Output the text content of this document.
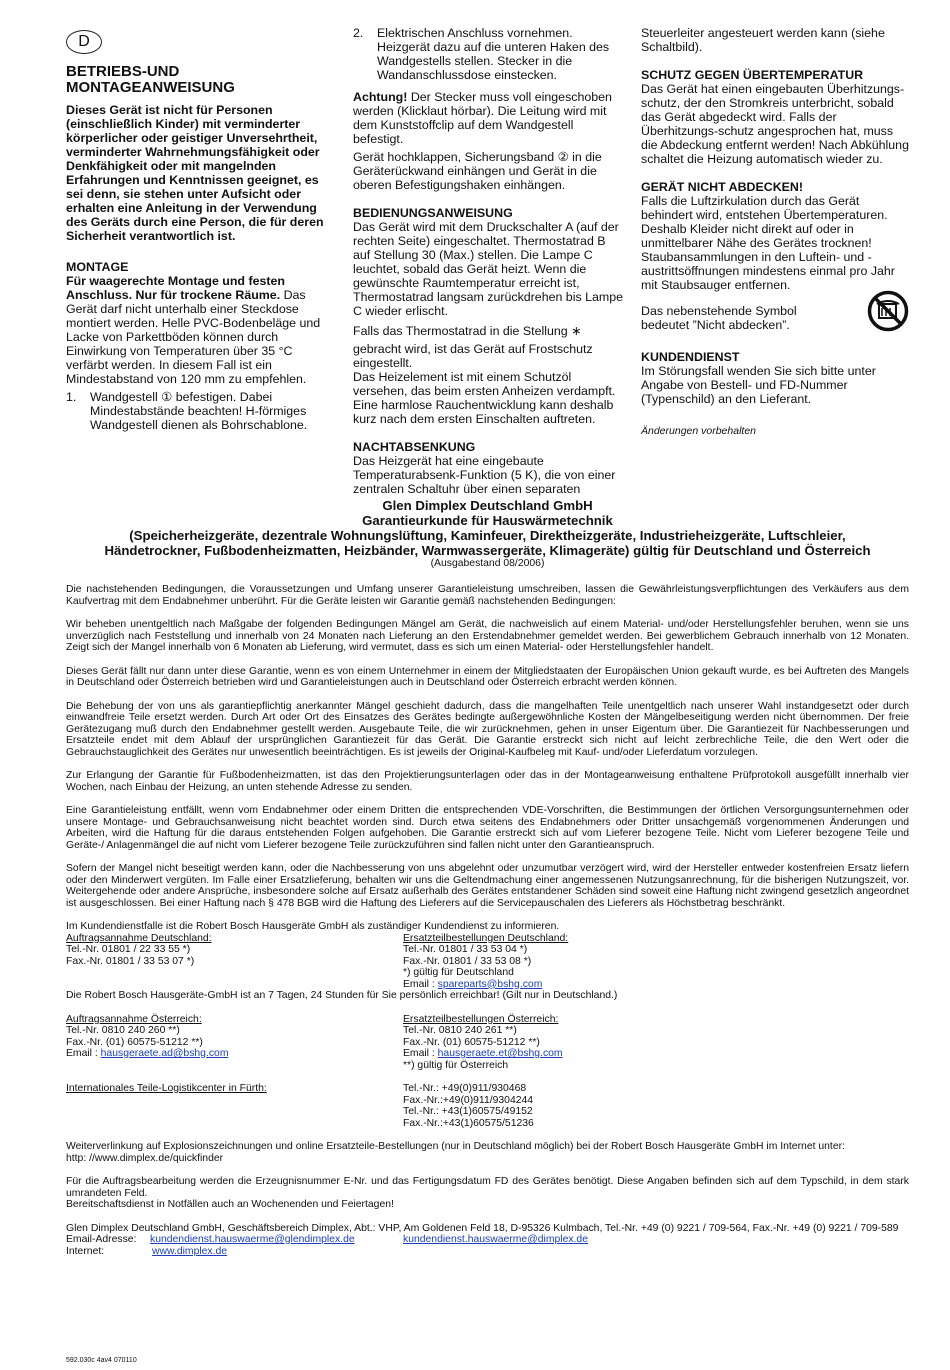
D
BETRIEBS-UND
MONTAGEANWEISUNG

Dieses Gerät ist nicht für Personen (einschließlich Kinder) mit verminderter körperlicher oder geistiger Unversehrtheit, verminderter Wahrnehmungsfähigkeit oder Denkfähigkeit oder mit mangelnden Erfahrungen und Kenntnissen geeignet, es sei denn, sie stehen unter Aufsicht oder erhalten eine Anleitung in der Verwendung des Geräts durch eine Person, die für deren Sicherheit verantwortlich ist.

MONTAGE

Für waagerechte Montage und festen Anschluss. Nur für trockene Räume. Das Gerät darf nicht unterhalb einer Steckdose montiert werden. Helle PVC-Bodenbeläge und Lacke von Parkettböden können durch Einwirkung von Temperaturen über 35 °C verfärbt werden. In diesem Fall ist ein Mindestabstand von 120 mm zu empfehlen.

1.	Wandgestell ① befestigen. Dabei Mindestabstände beachten! H-förmiges Wandgestell dienen als Bohrschablone.
2.	Elektrischen Anschluss vornehmen. Heizgerät dazu auf die unteren Haken des Wandgestells stellen. Stecker in die Wandanschlussdose einstecken.

Achtung! Der Stecker muss voll eingeschoben werden (Klicklaut hörbar). Die Leitung wird mit dem Kunststoffclip auf dem Wandgestell befestigt.

Gerät hochklappen, Sicherungsband ② in die Geräterückwand einhängen und Gerät in die oberen Befestigungshaken einhängen.

BEDIENUNGSANWEISUNG

Das Gerät wird mit dem Druckschalter A (auf der rechten Seite) eingeschaltet. Thermostatrad B auf Stellung 30 (Max.) stellen. Die Lampe C leuchtet, sobald das Gerät heizt. Wenn die gewünschte Raumtemperatur erreicht ist, Thermostatrad langsam zurückdrehen bis Lampe C wieder erlischt.

Falls das Thermostatrad in die Stellung ∗

gebracht wird, ist das Gerät auf Frostschutz eingestellt.

Das Heizelement ist mit einem Schutzöl versehen, das beim ersten Anheizen verdampft. Eine harmlose Rauchentwicklung kann deshalb kurz nach dem ersten Einschalten auftreten.

NACHTABSENKUNG

Das Heizgerät hat eine eingebaute Temperaturabsenk-Funktion (5 K), die von einer zentralen Schaltuhr über einen separaten

Steuerleiter angesteuert werden kann (siehe Schaltbild).

SCHUTZ GEGEN ÜBERTEMPERATUR

Das Gerät hat einen eingebauten Überhitzungs-schutz, der den Stromkreis unterbricht, sobald das Gerät abgedeckt wird. Falls der Überhitzungs-schutz angesprochen hat, muss die Abdeckung entfernt werden! Nach Abkühlung schaltet die Heizung automatisch wieder zu.

GERÄT NICHT ABDECKEN!

Falls die Luftzirkulation durch das Gerät behindert wird, entstehen Übertemperaturen. Deshalb Kleider nicht direkt auf oder in unmittelbarer Nähe des Gerätes trocknen! Staubansammlungen in den Luftein- und -austrittsöffnungen mindestens einmal pro Jahr mit Staubsauger entfernen.

Das nebenstehende Symbol bedeutet ”Nicht abdecken”.

KUNDENDIENST

Im Störungsfall wenden Sie sich bitte unter Angabe von Bestell- und FD-Nummer (Typenschild) an den Lieferant.

Änderungen vorbehalten

Glen Dimplex Deutschland GmbH
Garantieurkunde für Hauswärmetechnik
(Speicherheizgeräte, dezentrale Wohnungslüftung, Kaminfeuer, Direktheizgeräte, Industrieheizgeräte, Luftschleier,
Händetrockner, Fußbodenheizmatten, Heizbänder, Warmwassergeräte, Klimageräte) gültig für Deutschland und Österreich
(Ausgabestand 08/2006)

Die nachstehenden Bedingungen, die Voraussetzungen und Umfang unserer Garantieleistung umschreiben, lassen die Gewährleistungsverpflichtungen des Verkäufers aus dem Kaufvertrag mit dem Endabnehmer unberührt. Für die Geräte leisten wir Garantie gemäß nachstehenden Bedingungen:

Wir beheben unentgeltlich nach Maßgabe der folgenden Bedingungen Mängel am Gerät, die nachweislich auf einem Material- und/oder Herstellungsfehler beruhen, wenn sie uns unverzüglich nach Feststellung und innerhalb von 24 Monaten nach Lieferung an den Erstendabnehmer gemeldet werden. Bei gewerblichem Gebrauch innerhalb von 12 Monaten. Zeigt sich der Mangel innerhalb von 6 Monaten ab Lieferung, wird vermutet, dass es sich um einen Material- oder Herstellungsfehler handelt.

Dieses Gerät fällt nur dann unter diese Garantie, wenn es von einem Unternehmer in einem der Mitgliedstaaten der Europäischen Union gekauft wurde, es bei Auftreten des Mangels in Deutschland oder Österreich betrieben wird und Garantieleistungen auch in Deutschland oder Österreich erbracht werden können.

Die Behebung der von uns als garantiepflichtig anerkannter Mängel geschieht dadurch, dass die mangelhaften Teile unentgeltlich nach unserer Wahl instandgesetzt oder durch einwandfreie Teile ersetzt werden. Durch Art oder Ort des Einsatzes des Gerätes bedingte außergewöhnliche Kosten der Mängelbeseitigung werden nicht übernommen. Der freie Gerätezugang muß durch den Endabnehmer gestellt werden. Ausgebaute Teile, die wir zurücknehmen, gehen in unser Eigentum über. Die Garantiezeit für Nachbesserungen und Ersatzteile endet mit dem Ablauf der ursprünglichen Garantiezeit für das Gerät. Die Garantie erstreckt sich nicht auf leicht zerbrechliche Teile, die den Wert oder die Gebrauchstauglichkeit des Gerätes nur unwesentlich beeinträchtigen. Es ist jeweils der Original-Kaufbeleg mit Kauf- und/oder Lieferdatum vorzulegen.

Zur Erlangung der Garantie für Fußbodenheizmatten, ist das den Projektierungsunterlagen oder das in der Montageanweisung enthaltene Prüfprotokoll ausgefüllt innerhalb vier Wochen, nach Einbau der Heizung, an unten stehende Adresse zu senden.

Eine Garantieleistung entfällt, wenn vom Endabnehmer oder einem Dritten die entsprechenden VDE-Vorschriften, die Bestimmungen der örtlichen Versorgungsunternehmen oder unsere Montage- und Gebrauchsanweisung nicht beachtet worden sind. Durch etwa seitens des Endabnehmers oder Dritter unsachgemäß vorgenommenen Änderungen und Arbeiten, wird die Haftung für die daraus entstehenden Folgen aufgehoben. Die Garantie erstreckt sich auf vom Lieferer bezogene Teile. Nicht vom Lieferer bezogene Teile und Geräte-/ Anlagenmängel die auf nicht vom Lieferer bezogene Teile zurückzuführen sind fallen nicht unter den Garantieanspruch.

Sofern der Mangel nicht beseitigt werden kann, oder die Nachbesserung von uns abgelehnt oder unzumutbar verzögert wird, wird der Hersteller entweder kostenfreien Ersatz liefern oder den Minderwert vergüten. Im Falle einer Ersatzlieferung, behalten wir uns die Geltendmachung einer angemessenen Nutzungsanrechnung, für die bisherigen Nutzungszeit, vor. Weitergehende oder andere Ansprüche, insbesondere solche auf Ersatz außerhalb des Gerätes entstandener Schäden sind soweit eine Haftung nicht zwingend gesetzlich angeordnet ist ausgeschlossen. Bei einer Haftung nach § 478 BGB wird die Haftung des Lieferers auf die Servicepauschalen des Lieferers als Höchstbetrag beschränkt.

Im Kundendienstfalle ist die Robert Bosch Hausgeräte GmbH als zuständiger Kundendienst zu informieren.

Auftragsannahme Deutschland:
Tel.-Nr. 01801 / 22 33 55 *)
Fax.-Nr. 01801 / 33 53 07 *)
Ersatzteilbestellungen Deutschland:
Tel.-Nr. 01801 / 33 53 04 *)
Fax.-Nr. 01801 / 33 53 08 *)
*) gültig für Deutschland
Email : spareparts@bshg.com

Die Robert Bosch Hausgeräte-GmbH ist an 7 Tagen, 24 Stunden für Sie persönlich erreichbar! (Gilt nur in Deutschland.)

Auftragsannahme Österreich:
Tel.-Nr. 0810 240 260 **)
Fax.-Nr. (01) 60575-51212 **)
Email : hausgeraete.ad@bshg.com
Ersatzteilbestellungen Österreich:
Tel.-Nr. 0810 240 261 **)
Fax.-Nr. (01) 60575-51212 **)
Email : hausgeraete.et@bshg.com
**) gültig für Österreich
Internationales Teile-Logistikcenter in Fürth:	Tel.-Nr.: +49(0)911/930468
Fax.-Nr.:+49(0)911/9304244
Tel.-Nr.: +43(1)60575/49152
Fax.-Nr.:+43(1)60575/51236

Weiterverlinkung auf Explosionszeichnungen und online Ersatzteile-Bestellungen (nur in Deutschland möglich) bei der Robert Bosch Hausgeräte GmbH im Internet unter:

http: //www.dimplex.de/quickfinder

Für die Auftragsbearbeitung werden die Erzeugnisnummer E-Nr. und das Fertigungsdatum FD des Gerätes benötigt. Diese Angaben befinden sich auf dem Typschild, in dem stark umrandeten Feld.

Bereitschaftsdienst in Notfällen auch an Wochenenden und Feiertagen!

Glen Dimplex Deutschland GmbH, Geschäftsbereich Dimplex, Abt.: VHP, Am Goldenen Feld 18, D-95326 Kulmbach, Tel.-Nr. +49 (0) 9221 / 709-564, Fax.-Nr. +49 (0) 9221 / 709-589

Email-Adresse:	kundendienst.hauswaerme@glendimplex.de	kundendienst.hauswaerme@dimplex.de
Internet:	www.dimplex.de
592.030c 4av4 070110
